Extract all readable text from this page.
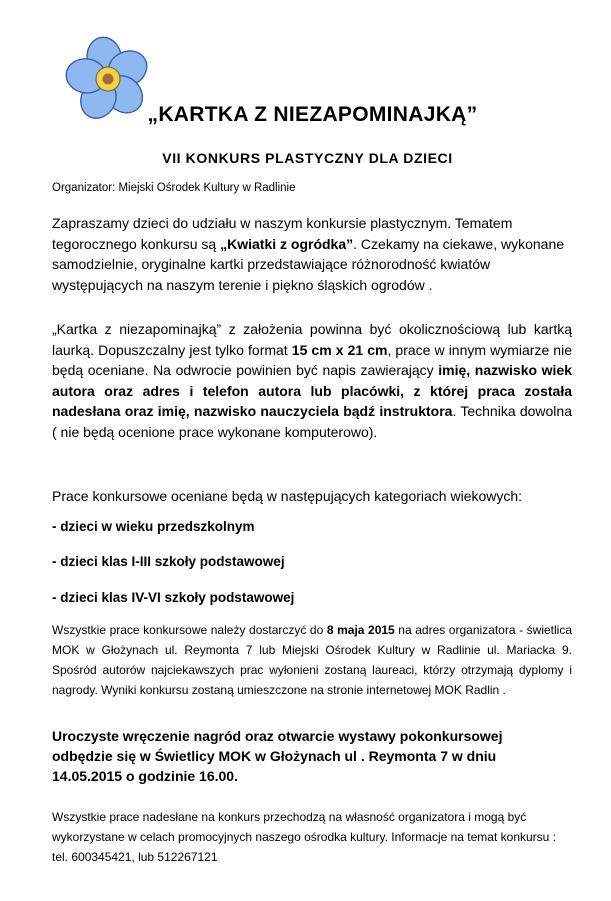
„KARTKA Z NIEZAPOMINAJKĄ”
VII KONKURS PLASTYCZNY DLA DZIECI
Organizator: Miejski Ośrodek Kultury w Radlinie
Zapraszamy dzieci do udziału w naszym konkursie plastycznym. Tematem tegorocznego konkursu są „Kwiatki z ogródka”. Czekamy na ciekawe, wykonane samodzielnie, oryginalne kartki przedstawiające różnorodność kwiatów występujących na naszym terenie i piękno śląskich ogrodów .
„Kartka z niezapominajką” z założenia powinna być okolicznościową lub kartką laurką. Dopuszczalny jest tylko format 15 cm x 21 cm, prace w innym wymiarze nie będą oceniane. Na odwrocie powinien być napis zawierający imię, nazwisko wiek autora oraz adres i telefon autora lub placówki, z której praca została nadesłana oraz imię, nazwisko nauczyciela bądź instruktora. Technika dowolna ( nie będą ocenione prace wykonane komputerowo).
Prace konkursowe oceniane będą w następujących kategoriach wiekowych:
- dzieci w wieku przedszkolnym
- dzieci klas I-III szkoły podstawowej
- dzieci klas IV-VI szkoły podstawowej
Wszystkie prace konkursowe należy dostarczyć do 8 maja 2015 na adres organizatora - świetlica MOK w Głożynach ul. Reymonta 7 lub Miejski Ośrodek Kultury w Radlinie ul. Mariacka 9. Spośród autorów najciekawszych prac wyłonieni zostaną laureaci, którzy otrzymają dyplomy i nagrody. Wyniki konkursu zostaną umieszczone na stronie internetowej MOK Radlin .
Uroczyste wręczenie nagród oraz otwarcie wystawy pokonkursowej odbędzie się w Świetlicy MOK w Głożynach ul . Reymonta 7 w dniu 14.05.2015 o godzinie 16.00.
Wszystkie prace nadesłane na konkurs przechodzą na własność organizatora i mogą być wykorzystane w celach promocyjnych naszego ośrodka kultury. Informacje na temat konkursu : tel. 600345421, lub 512267121
